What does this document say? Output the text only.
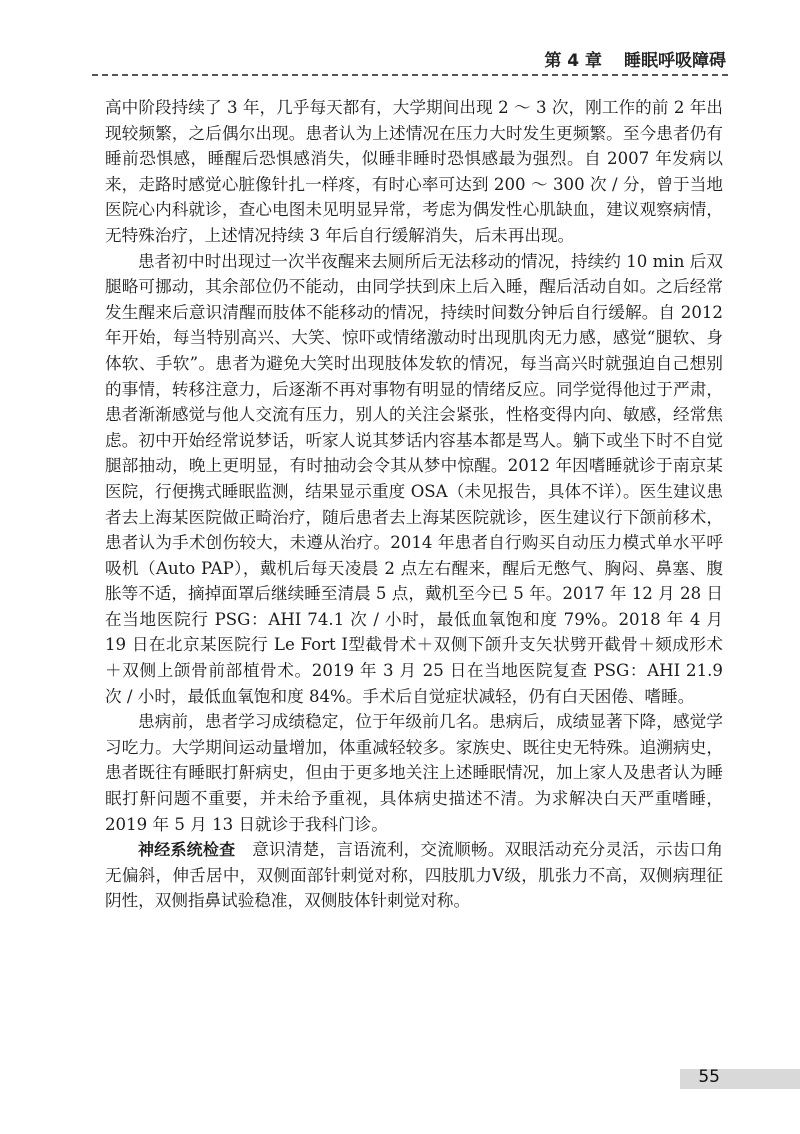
第 4 章 睡眠呼吸障碍

高中阶段持续了 3 年，几乎每天都有，大学期间出现 2 ～ 3 次，刚工作的前 2 年出现较频繁，之后偶尔出现。患者认为上述情况在压力大时发生更频繁。至今患者仍有睡前恐惧感，睡醒后恐惧感消失，似睡非睡时恐惧感最为强烈。自 2007 年发病以来，走路时感觉心脏像针扎一样疼，有时心率可达到 200 ～ 300 次 / 分，曾于当地医院心内科就诊，查心电图未见明显异常，考虑为偶发性心肌缺血，建议观察病情，无特殊治疗，上述情况持续 3 年后自行缓解消失，后未再出现。

患者初中时出现过一次半夜醒来去厕所后无法移动的情况，持续约 10 min 后双腿略可挪动，其余部位仍不能动，由同学扶到床上后入睡，醒后活动自如。之后经常发生醒来后意识清醒而肢体不能移动的情况，持续时间数分钟后自行缓解。自 2012 年开始，每当特别高兴、大笑、惊吓或情绪激动时出现肌肉无力感，感觉“腿软、身体软、手软”。患者为避免大笑时出现肢体发软的情况，每当高兴时就强迫自己想别的事情，转移注意力，后逐渐不再对事物有明显的情绪反应。同学觉得他过于严肃，患者渐渐感觉与他人交流有压力，别人的关注会紧张，性格变得内向、敏感，经常焦虑。初中开始经常说梦话，听家人说其梦话内容基本都是骂人。躺下或坐下时不自觉腿部抽动，晚上更明显，有时抽动会令其从梦中惊醒。2012 年因嗜睡就诊于南京某医院，行便携式睡眠监测，结果显示重度 OSA（未见报告，具体不详）。医生建议患者去上海某医院做正畸治疗，随后患者去上海某医院就诊，医生建议行下颌前移术，患者认为手术创伤较大，未遵从治疗。2014 年患者自行购买自动压力模式单水平呼吸机（Auto PAP），戴机后每天凌晨 2 点左右醒来，醒后无憋气、胸闷、鼻塞、腹胀等不适，摘掉面罩后继续睡至清晨 5 点，戴机至今已 5 年。2017 年 12 月 28 日在当地医院行 PSG：AHI 74.1 次 / 小时，最低血氧饱和度 79%。2018 年 4 月 19 日在北京某医院行 Le Fort Ⅰ型截骨术＋双侧下颌升支矢状劈开截骨＋颏成形术＋双侧上颌骨前部植骨术。2019 年 3 月 25 日在当地医院复查 PSG：AHI 21.9 次 / 小时，最低血氧饱和度 84%。手术后自觉症状减轻，仍有白天困倦、嗜睡。

患病前，患者学习成绩稳定，位于年级前几名。患病后，成绩显著下降，感觉学习吃力。大学期间运动量增加，体重减轻较多。家族史、既往史无特殊。追溯病史，患者既往有睡眠打鼾病史，但由于更多地关注上述睡眠情况，加上家人及患者认为睡眠打鼾问题不重要，并未给予重视，具体病史描述不清。为求解决白天严重嗜睡，2019 年 5 月 13 日就诊于我科门诊。

神经系统检查　 意识清楚，言语流利，交流顺畅。双眼活动充分灵活，示齿口角无偏斜，伸舌居中，双侧面部针刺觉对称，四肢肌力Ⅴ级，肌张力不高，双侧病理征阴性，双侧指鼻试验稳准，双侧肢体针刺觉对称。

55
